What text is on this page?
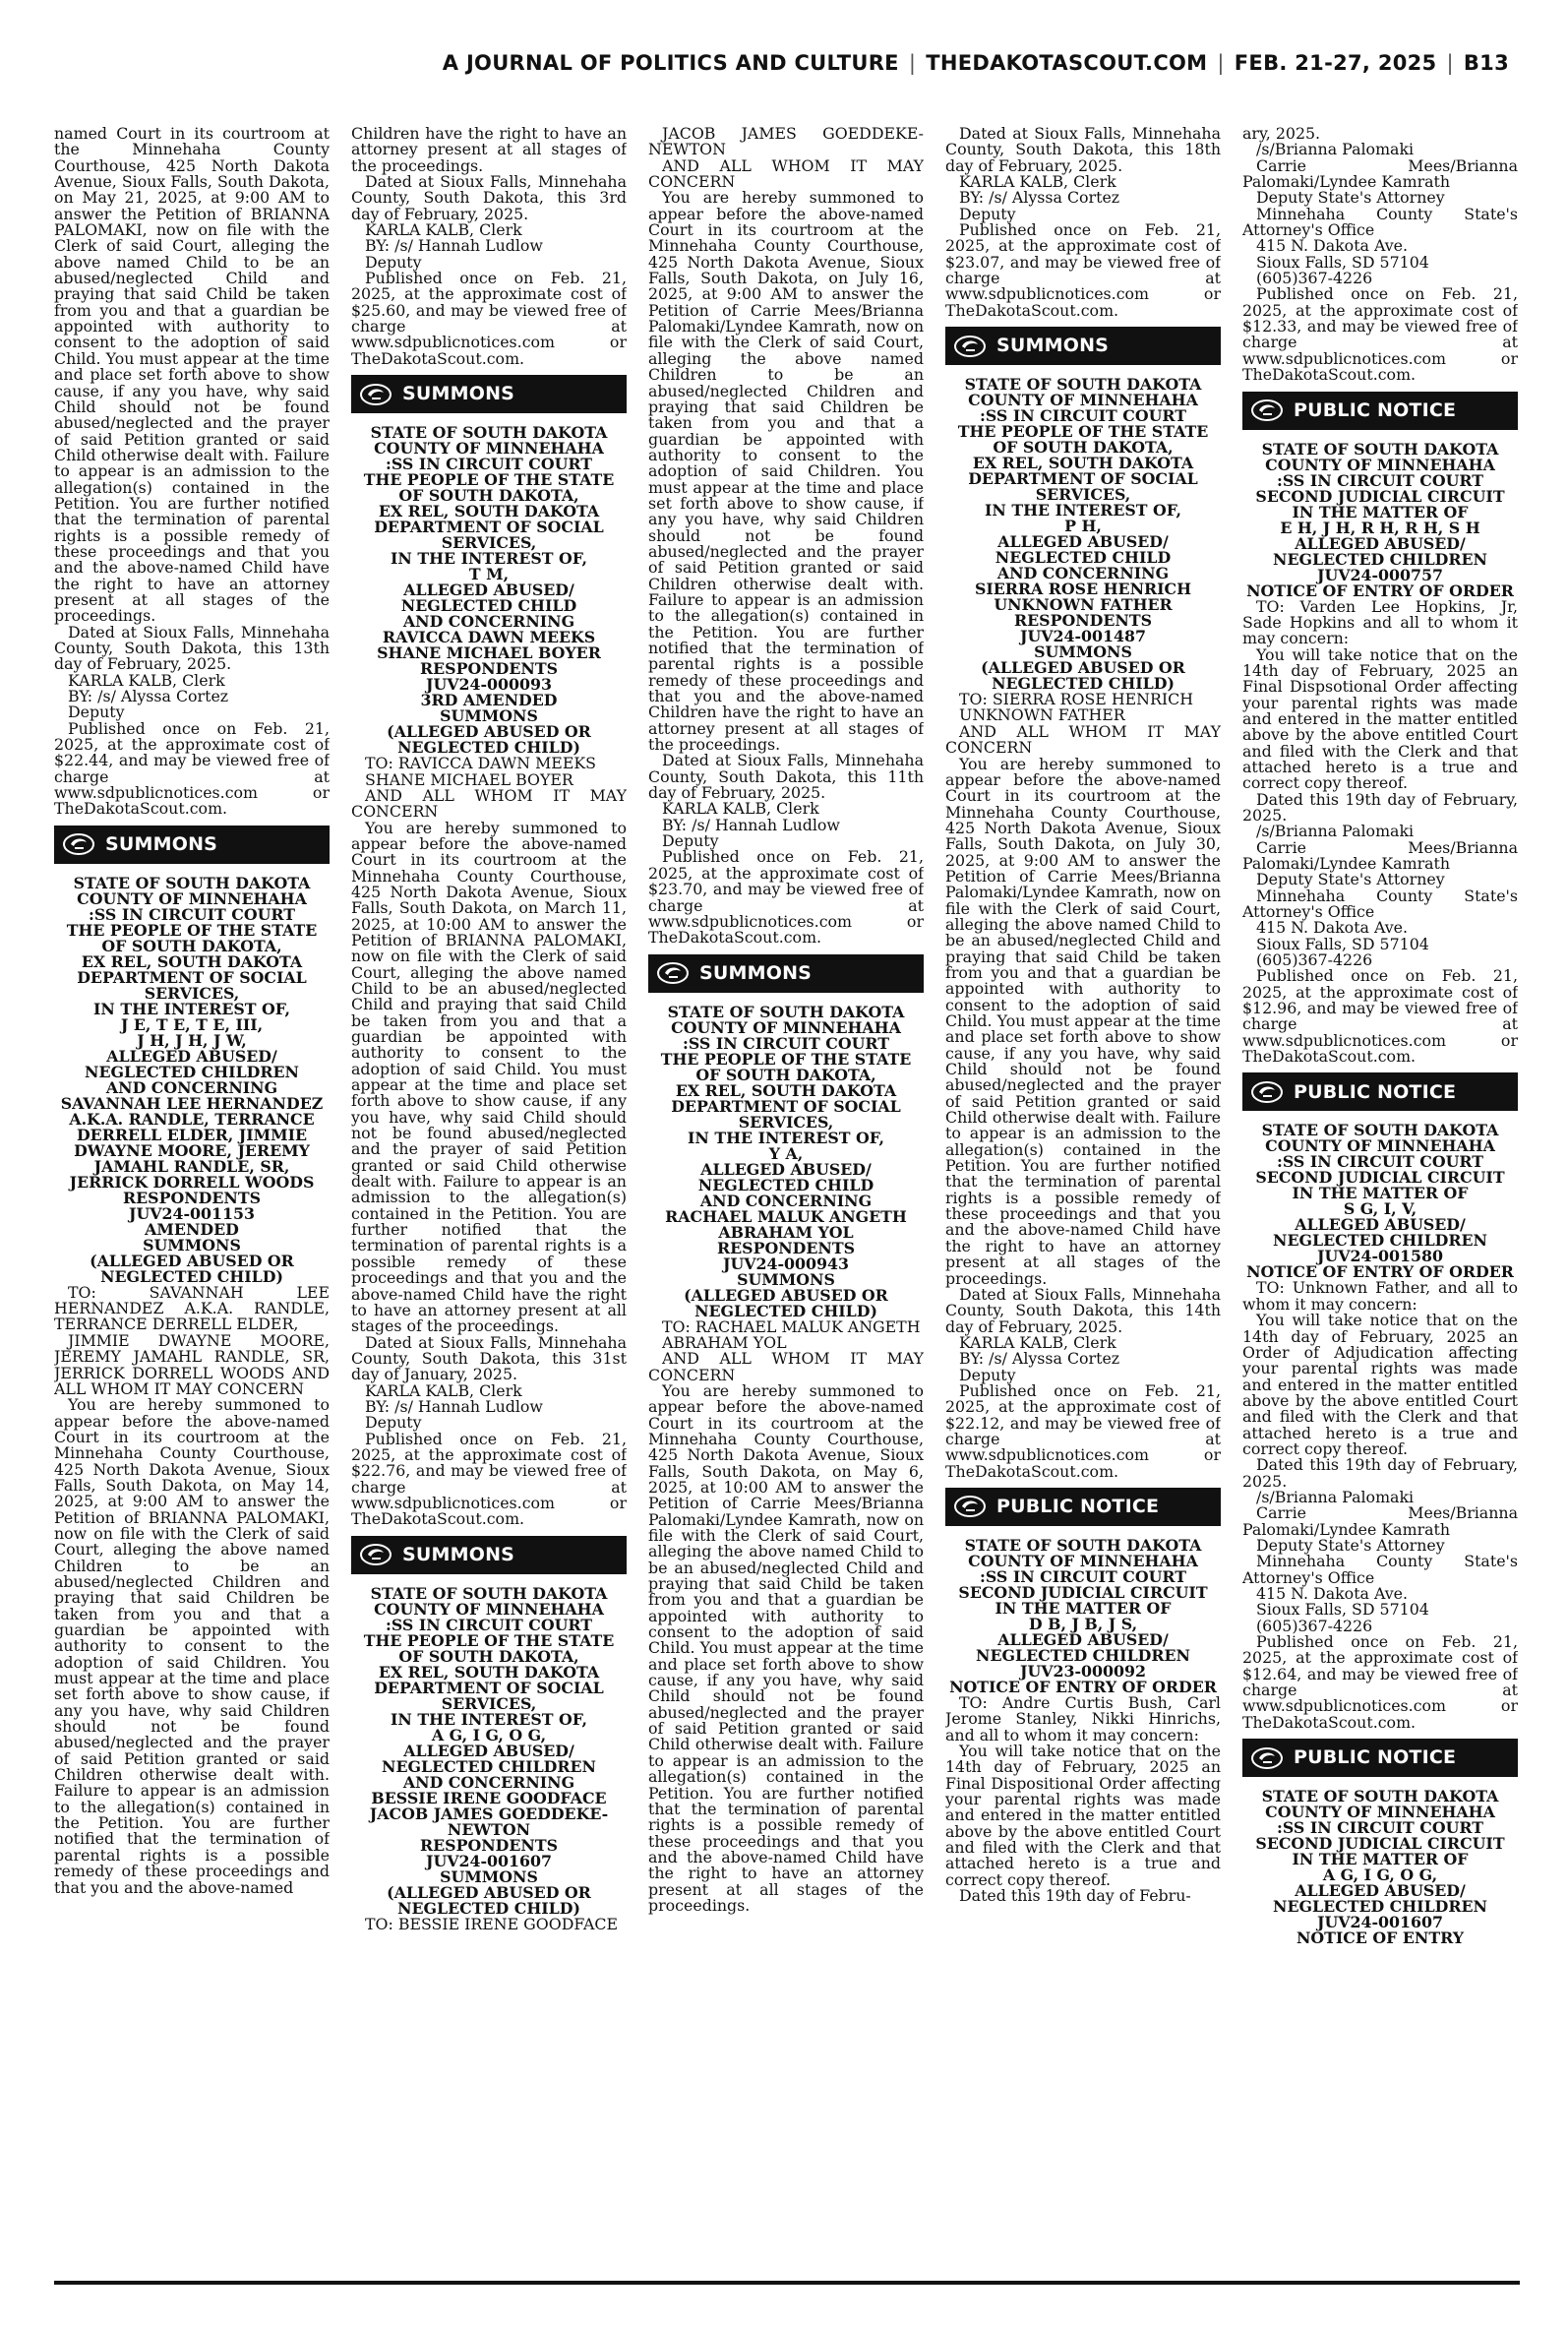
A JOURNAL OF POLITICS AND CULTURE | THEDAKOTASCOUT.COM | FEB. 21-27, 2025 | B13

named Court in its courtroom at the Minnehaha County Courthouse, 425 North Dakota Avenue, Sioux Falls, South Dakota, on May 21, 2025, at 9:00 AM to answer the Petition of BRIANNA PALOMAKI, now on file with the Clerk of said Court, alleging the above named Child to be an abused/neglected Child and praying that said Child be taken from you and that a guardian be appointed with authority to consent to the adoption of said Child. You must appear at the time and place set forth above to show cause, if any you have, why said Child should not be found abused/neglected and the prayer of said Petition granted or said Child otherwise dealt with. Failure to appear is an admission to the allegation(s) contained in the Petition. You are further notified that the termination of parental rights is a possible remedy of these proceedings and that you and the above-named Child have the right to have an attorney present at all stages of the proceedings.

Dated at Sioux Falls, Minnehaha County, South Dakota, this 13th day of February, 2025.

KARLA KALB, Clerk

BY: /s/ Alyssa Cortez

Deputy

Published once on Feb. 21, 2025, at the approximate cost of $22.44, and may be viewed free of charge at www.sdpublicnotices.com or TheDakotaScout.com.

SUMMONS

STATE OF SOUTH DAKOTA

COUNTY OF MINNEHAHA

:SS IN CIRCUIT COURT

THE PEOPLE OF THE STATE OF SOUTH DAKOTA,

EX REL, SOUTH DAKOTA DEPARTMENT OF SOCIAL SERVICES,

IN THE INTEREST OF,

J E, T E, T E, III,

J H, J H, J W,

ALLEGED ABUSED/ NEGLECTED CHILDREN

AND CONCERNING

SAVANNAH LEE HERNANDEZ A.K.A. RANDLE, TERRANCE DERRELL ELDER, JIMMIE DWAYNE MOORE, JEREMY JAMAHL RANDLE, SR, JERRICK DORRELL WOODS

RESPONDENTS

JUV24-001153

AMENDED

SUMMONS

(ALLEGED ABUSED OR NEGLECTED CHILD)

TO: SAVANNAH LEE HERNANDEZ A.K.A. RANDLE, TERRANCE DERRELL ELDER,

JIMMIE DWAYNE MOORE, JEREMY JAMAHL RANDLE, SR, JERRICK DORRELL WOODS AND ALL WHOM IT MAY CONCERN

You are hereby summoned to appear before the above-named Court in its courtroom at the Minnehaha County Courthouse, 425 North Dakota Avenue, Sioux Falls, South Dakota, on May 14, 2025, at 9:00 AM to answer the Petition of BRIANNA PALOMAKI, now on file with the Clerk of said Court, alleging the above named Children to be an abused/neglected Children and praying that said Children be taken from you and that a guardian be appointed with authority to consent to the adoption of said Children. You must appear at the time and place set forth above to show cause, if any you have, why said Children should not be found abused/neglected and the prayer of said Petition granted or said Children otherwise dealt with. Failure to appear is an admission to the allegation(s) contained in the Petition. You are further notified that the termination of parental rights is a possible remedy of these proceedings and that you and the above-named

Children have the right to have an attorney present at all stages of the proceedings.

Dated at Sioux Falls, Minnehaha County, South Dakota, this 3rd day of February, 2025.

KARLA KALB, Clerk

BY: /s/ Hannah Ludlow

Deputy

Published once on Feb. 21, 2025, at the approximate cost of $25.60, and may be viewed free of charge at www.sdpublicnotices.com or TheDakotaScout.com.

SUMMONS

STATE OF SOUTH DAKOTA

COUNTY OF MINNEHAHA

:SS IN CIRCUIT COURT

THE PEOPLE OF THE STATE OF SOUTH DAKOTA,

EX REL, SOUTH DAKOTA DEPARTMENT OF SOCIAL SERVICES,

IN THE INTEREST OF,

T M,

ALLEGED ABUSED/ NEGLECTED CHILD

AND CONCERNING

RAVICCA DAWN MEEKS

SHANE MICHAEL BOYER

RESPONDENTS

JUV24-000093

3RD AMENDED

SUMMONS

(ALLEGED ABUSED OR NEGLECTED CHILD)

TO: RAVICCA DAWN MEEKS

SHANE MICHAEL BOYER

AND ALL WHOM IT MAY CONCERN

You are hereby summoned to appear before the above-named Court in its courtroom at the Minnehaha County Courthouse, 425 North Dakota Avenue, Sioux Falls, South Dakota, on March 11, 2025, at 10:00 AM to answer the Petition of BRIANNA PALOMAKI, now on file with the Clerk of said Court, alleging the above named Child to be an abused/neglected Child and praying that said Child be taken from you and that a guardian be appointed with authority to consent to the adoption of said Child. You must appear at the time and place set forth above to show cause, if any you have, why said Child should not be found abused/neglected and the prayer of said Petition granted or said Child otherwise dealt with. Failure to appear is an admission to the allegation(s) contained in the Petition. You are further notified that the termination of parental rights is a possible remedy of these proceedings and that you and the above-named Child have the right to have an attorney present at all stages of the proceedings.

Dated at Sioux Falls, Minnehaha County, South Dakota, this 31st day of January, 2025.

KARLA KALB, Clerk

BY: /s/ Hannah Ludlow

Deputy

Published once on Feb. 21, 2025, at the approximate cost of $22.76, and may be viewed free of charge at www.sdpublicnotices.com or TheDakotaScout.com.

SUMMONS

STATE OF SOUTH DAKOTA

COUNTY OF MINNEHAHA

:SS IN CIRCUIT COURT

THE PEOPLE OF THE STATE OF SOUTH DAKOTA,

EX REL, SOUTH DAKOTA DEPARTMENT OF SOCIAL SERVICES,

IN THE INTEREST OF,

A G, I G, O G,

ALLEGED ABUSED/ NEGLECTED CHILDREN

AND CONCERNING

BESSIE IRENE GOODFACE

JACOB JAMES GOEDDEKE-NEWTON

RESPONDENTS

JUV24-001607

SUMMONS

(ALLEGED ABUSED OR NEGLECTED CHILD)

TO: BESSIE IRENE GOODFACE

JACOB JAMES GOEDDEKE-NEWTON

AND ALL WHOM IT MAY CONCERN

You are hereby summoned to appear before the above-named Court in its courtroom at the Minnehaha County Courthouse, 425 North Dakota Avenue, Sioux Falls, South Dakota, on July 16, 2025, at 9:00 AM to answer the Petition of Carrie Mees/Brianna Palomaki/Lyndee Kamrath, now on file with the Clerk of said Court, alleging the above named Children to be an abused/neglected Children and praying that said Children be taken from you and that a guardian be appointed with authority to consent to the adoption of said Children. You must appear at the time and place set forth above to show cause, if any you have, why said Children should not be found abused/neglected and the prayer of said Petition granted or said Children otherwise dealt with. Failure to appear is an admission to the allegation(s) contained in the Petition. You are further notified that the termination of parental rights is a possible remedy of these proceedings and that you and the above-named Children have the right to have an attorney present at all stages of the proceedings.

Dated at Sioux Falls, Minnehaha County, South Dakota, this 11th day of February, 2025.

KARLA KALB, Clerk

BY: /s/ Hannah Ludlow

Deputy

Published once on Feb. 21, 2025, at the approximate cost of $23.70, and may be viewed free of charge at www.sdpublicnotices.com or TheDakotaScout.com.

SUMMONS

STATE OF SOUTH DAKOTA

COUNTY OF MINNEHAHA

:SS IN CIRCUIT COURT

THE PEOPLE OF THE STATE OF SOUTH DAKOTA,

EX REL, SOUTH DAKOTA DEPARTMENT OF SOCIAL SERVICES,

IN THE INTEREST OF,

Y A,

ALLEGED ABUSED/ NEGLECTED CHILD

AND CONCERNING

RACHAEL MALUK ANGETH

ABRAHAM YOL

RESPONDENTS

JUV24-000943

SUMMONS

(ALLEGED ABUSED OR NEGLECTED CHILD)

TO: RACHAEL MALUK ANGETH

ABRAHAM YOL

AND ALL WHOM IT MAY CONCERN

You are hereby summoned to appear before the above-named Court in its courtroom at the Minnehaha County Courthouse, 425 North Dakota Avenue, Sioux Falls, South Dakota, on May 6, 2025, at 10:00 AM to answer the Petition of Carrie Mees/Brianna Palomaki/Lyndee Kamrath, now on file with the Clerk of said Court, alleging the above named Child to be an abused/neglected Child and praying that said Child be taken from you and that a guardian be appointed with authority to consent to the adoption of said Child. You must appear at the time and place set forth above to show cause, if any you have, why said Child should not be found abused/neglected and the prayer of said Petition granted or said Child otherwise dealt with. Failure to appear is an admission to the allegation(s) contained in the Petition. You are further notified that the termination of parental rights is a possible remedy of these proceedings and that you and the above-named Child have the right to have an attorney present at all stages of the proceedings.

Dated at Sioux Falls, Minnehaha County, South Dakota, this 18th day of February, 2025.

KARLA KALB, Clerk

BY: /s/ Alyssa Cortez

Deputy

Published once on Feb. 21, 2025, at the approximate cost of $23.07, and may be viewed free of charge at www.sdpublicnotices.com or TheDakotaScout.com.

SUMMONS

STATE OF SOUTH DAKOTA

COUNTY OF MINNEHAHA

:SS IN CIRCUIT COURT

THE PEOPLE OF THE STATE OF SOUTH DAKOTA,

EX REL, SOUTH DAKOTA DEPARTMENT OF SOCIAL SERVICES,

IN THE INTEREST OF,

P H,

ALLEGED ABUSED/ NEGLECTED CHILD

AND CONCERNING

SIERRA ROSE HENRICH

UNKNOWN FATHER

RESPONDENTS

JUV24-001487

SUMMONS

(ALLEGED ABUSED OR NEGLECTED CHILD)

TO: SIERRA ROSE HENRICH

UNKNOWN FATHER

AND ALL WHOM IT MAY CONCERN

You are hereby summoned to appear before the above-named Court in its courtroom at the Minnehaha County Courthouse, 425 North Dakota Avenue, Sioux Falls, South Dakota, on July 30, 2025, at 9:00 AM to answer the Petition of Carrie Mees/Brianna Palomaki/Lyndee Kamrath, now on file with the Clerk of said Court, alleging the above named Child to be an abused/neglected Child and praying that said Child be taken from you and that a guardian be appointed with authority to consent to the adoption of said Child. You must appear at the time and place set forth above to show cause, if any you have, why said Child should not be found abused/neglected and the prayer of said Petition granted or said Child otherwise dealt with. Failure to appear is an admission to the allegation(s) contained in the Petition. You are further notified that the termination of parental rights is a possible remedy of these proceedings and that you and the above-named Child have the right to have an attorney present at all stages of the proceedings.

Dated at Sioux Falls, Minnehaha County, South Dakota, this 14th day of February, 2025.

KARLA KALB, Clerk

BY: /s/ Alyssa Cortez

Deputy

Published once on Feb. 21, 2025, at the approximate cost of $22.12, and may be viewed free of charge at www.sdpublicnotices.com or TheDakotaScout.com.

PUBLIC NOTICE

STATE OF SOUTH DAKOTA

COUNTY OF MINNEHAHA

:SS IN CIRCUIT COURT

SECOND JUDICIAL CIRCUIT

IN THE MATTER OF

D B, J B, J S,

ALLEGED ABUSED/ NEGLECTED CHILDREN

JUV23-000092

NOTICE OF ENTRY OF ORDER

TO: Andre Curtis Bush, Carl Jerome Stanley, Nikki Hinrichs, and all to whom it may concern:

You will take notice that on the 14th day of February, 2025 an Final Dispositional Order affecting your parental rights was made and entered in the matter entitled above by the above entitled Court and filed with the Clerk and that attached hereto is a true and correct copy thereof.

Dated this 19th day of Febru-

ary, 2025.

/s/Brianna Palomaki

Carrie Mees/Brianna Palomaki/Lyndee Kamrath

Deputy State's Attorney

Minnehaha County State's Attorney's Office

415 N. Dakota Ave.

Sioux Falls, SD 57104

(605)367-4226

Published once on Feb. 21, 2025, at the approximate cost of $12.33, and may be viewed free of charge at www.sdpublicnotices.com or TheDakotaScout.com.

PUBLIC NOTICE

STATE OF SOUTH DAKOTA

COUNTY OF MINNEHAHA

:SS IN CIRCUIT COURT

SECOND JUDICIAL CIRCUIT

IN THE MATTER OF

E H, J H, R H, R H, S H

ALLEGED ABUSED/ NEGLECTED CHILDREN

JUV24-000757

NOTICE OF ENTRY OF ORDER

TO: Varden Lee Hopkins, Jr, Sade Hopkins and all to whom it may concern:

You will take notice that on the 14th day of February, 2025 an Final Dispsotional Order affecting your parental rights was made and entered in the matter entitled above by the above entitled Court and filed with the Clerk and that attached hereto is a true and correct copy thereof.

Dated this 19th day of February, 2025.

/s/Brianna Palomaki

Carrie Mees/Brianna Palomaki/Lyndee Kamrath

Deputy State's Attorney

Minnehaha County State's Attorney's Office

415 N. Dakota Ave.

Sioux Falls, SD 57104

(605)367-4226

Published once on Feb. 21, 2025, at the approximate cost of $12.96, and may be viewed free of charge at www.sdpublicnotices.com or TheDakotaScout.com.

PUBLIC NOTICE

STATE OF SOUTH DAKOTA

COUNTY OF MINNEHAHA

:SS IN CIRCUIT COURT

SECOND JUDICIAL CIRCUIT

IN THE MATTER OF

S G, I, V,

ALLEGED ABUSED/ NEGLECTED CHILDREN

JUV24-001580

NOTICE OF ENTRY OF ORDER

TO: Unknown Father, and all to whom it may concern:

You will take notice that on the 14th day of February, 2025 an Order of Adjudication affecting your parental rights was made and entered in the matter entitled above by the above entitled Court and filed with the Clerk and that attached hereto is a true and correct copy thereof.

Dated this 19th day of February, 2025.

/s/Brianna Palomaki

Carrie Mees/Brianna Palomaki/Lyndee Kamrath

Deputy State's Attorney

Minnehaha County State's Attorney's Office

415 N. Dakota Ave.

Sioux Falls, SD 57104

(605)367-4226

Published once on Feb. 21, 2025, at the approximate cost of $12.64, and may be viewed free of charge at www.sdpublicnotices.com or TheDakotaScout.com.

PUBLIC NOTICE

STATE OF SOUTH DAKOTA

COUNTY OF MINNEHAHA

:SS IN CIRCUIT COURT

SECOND JUDICIAL CIRCUIT

IN THE MATTER OF

A G, I G, O G,

ALLEGED ABUSED/ NEGLECTED CHILDREN

JUV24-001607

NOTICE OF ENTRY
